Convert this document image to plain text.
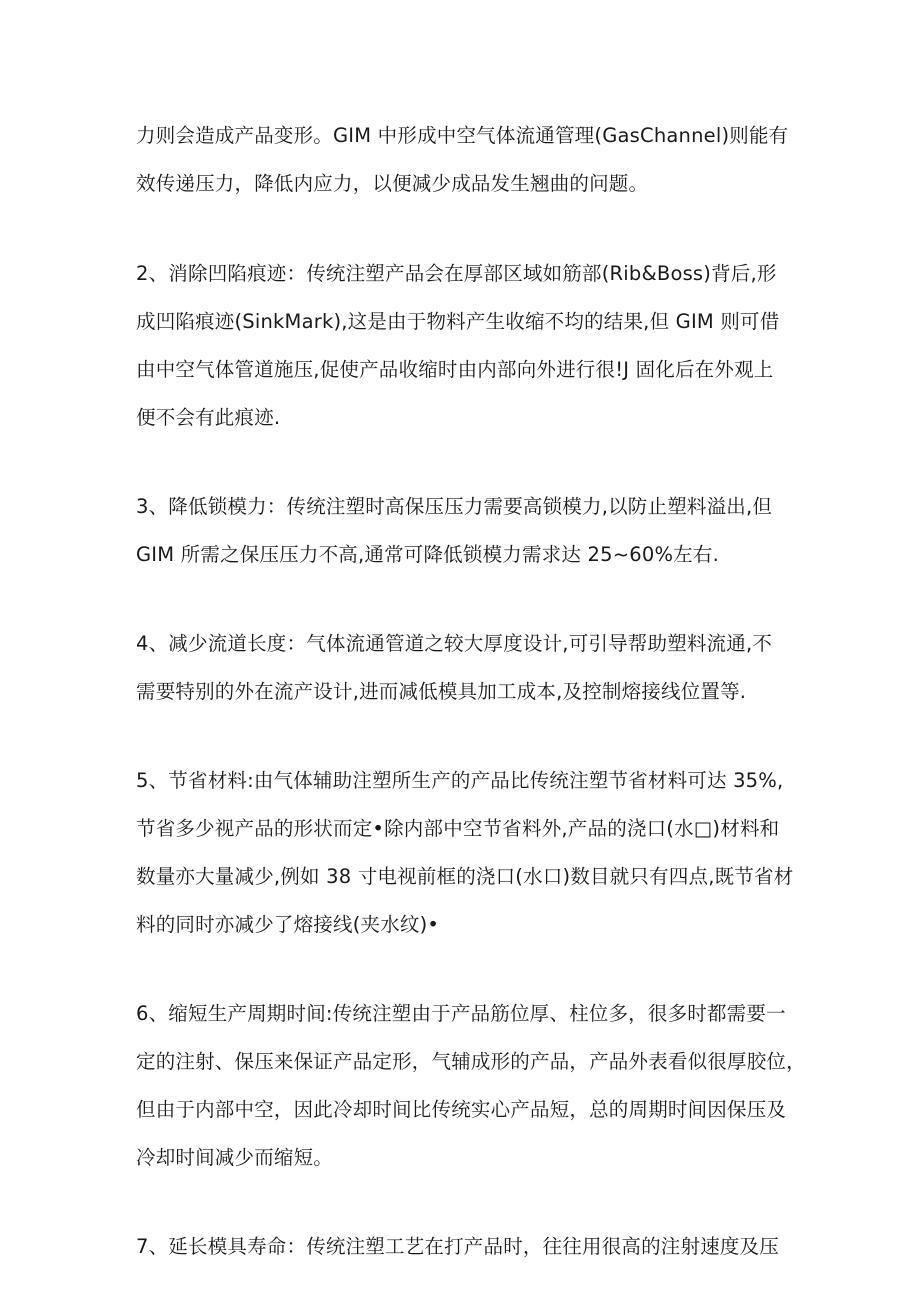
力则会造成产品变形。GIM 中形成中空气体流通管理(GasChannel)则能有
效传递压力，降低内应力，以便减少成品发生翘曲的问题。
2、消除凹陷痕迹：传统注塑产品会在厚部区域如筋部(Rib&Boss)背后,形
成凹陷痕迹(SinkMark),这是由于物料产生收缩不均的结果,但 GIM 则可借
由中空气体管道施压,促使产品收缩时由内部向外进行很!J 固化后在外观上
便不会有此痕迹.
3、降低锁模力：传统注塑时高保压压力需要高锁模力,以防止塑料溢出,但
GIM 所需之保压压力不高,通常可降低锁模力需求达 25~60%左右.
4、减少流道长度：气体流通管道之较大厚度设计,可引导帮助塑料流通,不
需要特别的外在流产设计,进而减低模具加工成本,及控制熔接线位置等.
5、节省材料:由气体辅助注塑所生产的产品比传统注塑节省材料可达 35%,
节省多少视产品的形状而定•除内部中空节省料外,产品的浇口(水□)材料和
数量亦大量减少,例如 38 寸电视前框的浇口(水口)数目就只有四点,既节省材
料的同时亦减少了熔接线(夹水纹)•
6、缩短生产周期时间:传统注塑由于产品筋位厚、柱位多，很多时都需要一
定的注射、保压来保证产品定形，气辅成形的产品，产品外表看似很厚胶位，
但由于内部中空，因此冷却时间比传统实心产品短，总的周期时间因保压及
冷却时间减少而缩短。
7、延长模具寿命：传统注塑工艺在打产品时，往往用很高的注射速度及压
